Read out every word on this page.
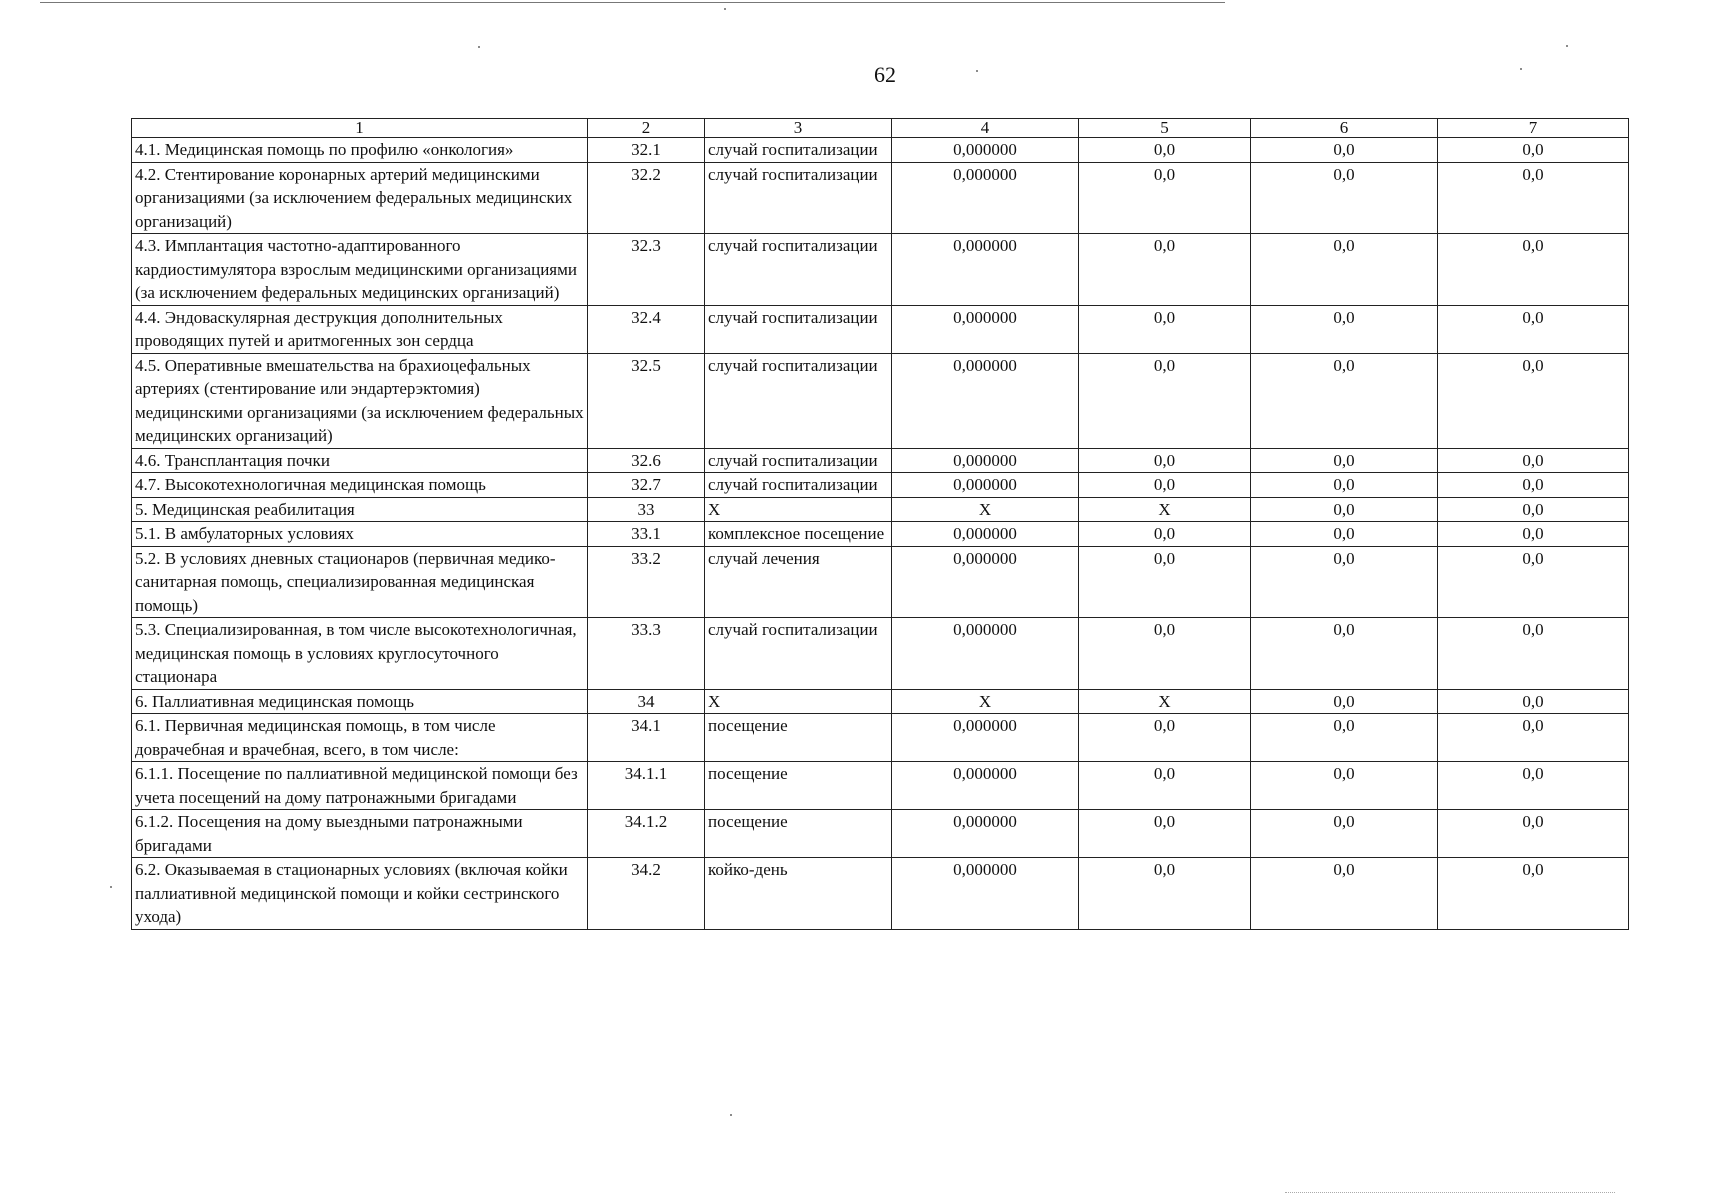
62
1	2	3	4	5	6	7
4.1. Медицинская помощь по профилю «онкология»	32.1	случай госпитализации	0,000000	0,0	0,0	0,0
4.2. Стентирование коронарных артерий медицинскими организациями (за исключением федеральных медицинских организаций)	32.2	случай госпитализации	0,000000	0,0	0,0	0,0
4.3. Имплантация частотно-адаптированного кардиостимулятора взрослым медицинскими организациями (за исключением федеральных медицинских организаций)	32.3	случай госпитализации	0,000000	0,0	0,0	0,0
4.4. Эндоваскулярная деструкция дополнительных проводящих путей и аритмогенных зон сердца	32.4	случай госпитализации	0,000000	0,0	0,0	0,0
4.5. Оперативные вмешательства на брахиоцефальных артериях (стентирование или эндартерэктомия) медицинскими организациями (за исключением федеральных медицинских организаций)	32.5	случай госпитализации	0,000000	0,0	0,0	0,0
4.6. Трансплантация почки	32.6	случай госпитализации	0,000000	0,0	0,0	0,0
4.7. Высокотехнологичная медицинская помощь	32.7	случай госпитализации	0,000000	0,0	0,0	0,0
5. Медицинская реабилитация	33	Х	Х	Х	0,0	0,0
5.1. В амбулаторных условиях	33.1	комплексное посещение	0,000000	0,0	0,0	0,0
5.2. В условиях дневных стационаров (первичная медико-санитарная помощь, специализированная медицинская помощь)	33.2	случай лечения	0,000000	0,0	0,0	0,0
5.3. Специализированная, в том числе высокотехнологичная, медицинская помощь в условиях круглосуточного стационара	33.3	случай госпитализации	0,000000	0,0	0,0	0,0
6. Паллиативная медицинская помощь	34	Х	Х	Х	0,0	0,0
6.1. Первичная медицинская помощь, в том числе доврачебная и врачебная, всего, в том числе:	34.1	посещение	0,000000	0,0	0,0	0,0
6.1.1. Посещение по паллиативной медицинской помощи без учета посещений на дому патронажными бригадами	34.1.1	посещение	0,000000	0,0	0,0	0,0
6.1.2. Посещения на дому выездными патронажными бригадами	34.1.2	посещение	0,000000	0,0	0,0	0,0
6.2. Оказываемая в стационарных условиях (включая койки паллиативной медицинской помощи и койки сестринского ухода)	34.2	койко-день	0,000000	0,0	0,0	0,0
